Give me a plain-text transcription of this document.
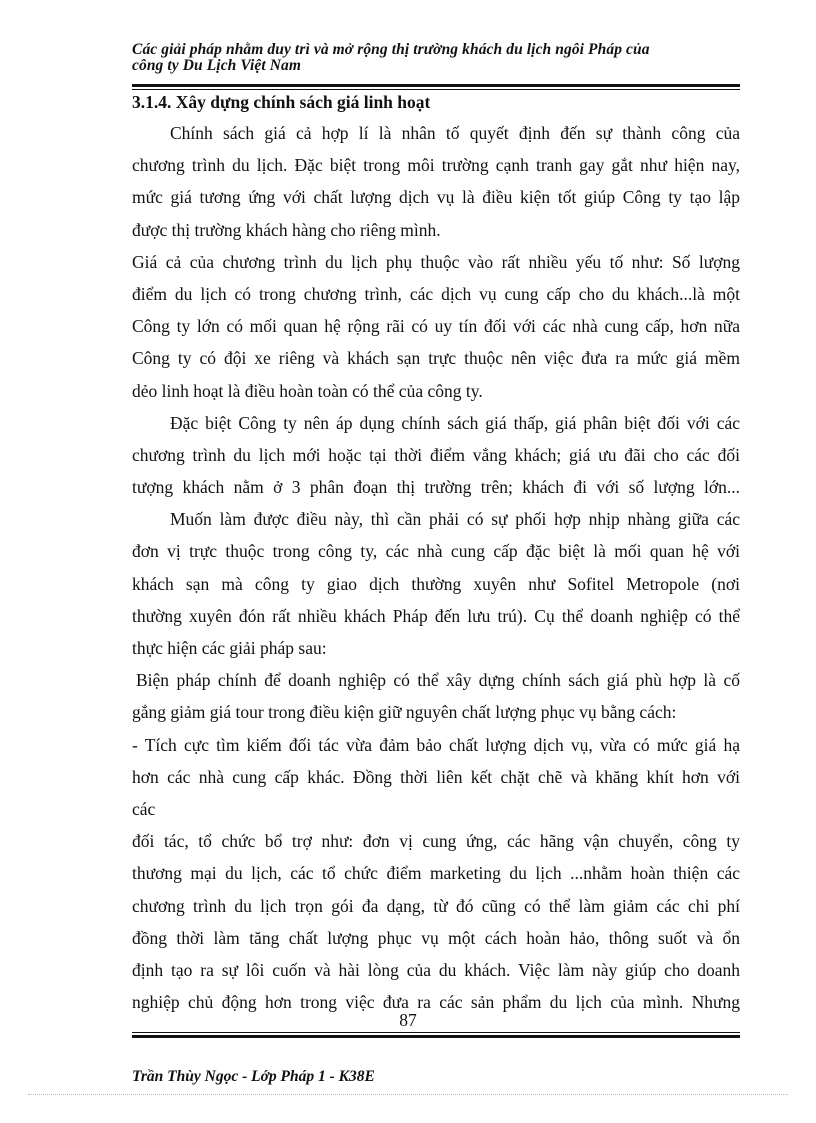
Các giải pháp nhằm duy trì và mở rộng thị trường khách du lịch ngôi Pháp của
công ty Du Lịch Việt Nam
3.1.4. Xây dựng chính sách giá linh hoạt
Chính sách giá cả hợp lí là nhân tố quyết định đến sự thành công của
chương trình du lịch. Đặc biệt trong môi trường cạnh tranh gay gắt như hiện nay,
mức giá tương ứng với chất lượng dịch vụ là điều kiện tốt giúp Công ty tạo lập
được thị trường khách hàng cho riêng mình.
Giá cả của chương trình du lịch phụ thuộc vào rất nhiều yếu tố như: Số lượng
điểm du lịch có trong chương trình, các dịch vụ cung cấp cho du khách...là một
Công ty lớn có mối quan hệ rộng rãi có uy tín đối với các nhà cung cấp, hơn nữa
Công ty có đội xe riêng và khách sạn trực thuộc nên việc đưa ra mức giá mềm
dẻo linh hoạt là điều hoàn toàn có thể của công ty.
Đặc biệt Công ty nên áp dụng chính sách giá thấp, giá phân biệt đối với các
chương trình du lịch mới hoặc tại thời điểm vắng khách; giá ưu đãi cho các đối
tượng khách nằm ở 3 phân đoạn thị trường trên; khách đi với số lượng lớn...
Muốn làm được điều này, thì cần phải có sự phối hợp nhịp nhàng giữa các
đơn vị trực thuộc trong công ty, các nhà cung cấp đặc biệt là mối quan hệ với
khách sạn mà công ty giao dịch thường xuyên như Sofitel Metropole (nơi
thường xuyên đón rất nhiều khách Pháp đến lưu trú). Cụ thể doanh nghiệp có thể
thực hiện các giải pháp sau:
Biện pháp chính để doanh nghiệp có thể xây dựng chính sách giá phù hợp là cố
gắng giảm giá tour trong điều kiện giữ nguyên chất lượng phục vụ bằng cách:
- Tích cực tìm kiếm đối tác vừa đảm bảo chất lượng dịch vụ, vừa có mức giá hạ
hơn các nhà cung cấp khác. Đồng thời liên kết chặt chẽ và khăng khít hơn với
các
đối tác, tổ chức bổ trợ như: đơn vị cung ứng, các hãng vận chuyển, công ty
thương mại du lịch, các tổ chức điểm marketing du lịch ...nhằm hoàn thiện các
chương trình du lịch trọn gói đa dạng, từ đó cũng có thể làm giảm các chi phí
đồng thời làm tăng chất lượng phục vụ một cách hoàn hảo, thông suốt và ổn
định tạo ra sự lôi cuốn và hài lòng của du khách. Việc làm này giúp cho doanh
nghiệp chủ động hơn trong việc đưa ra các sản phẩm du lịch của mình. Nhưng
87
Trần Thùy Ngọc - Lớp Pháp 1 - K38E
